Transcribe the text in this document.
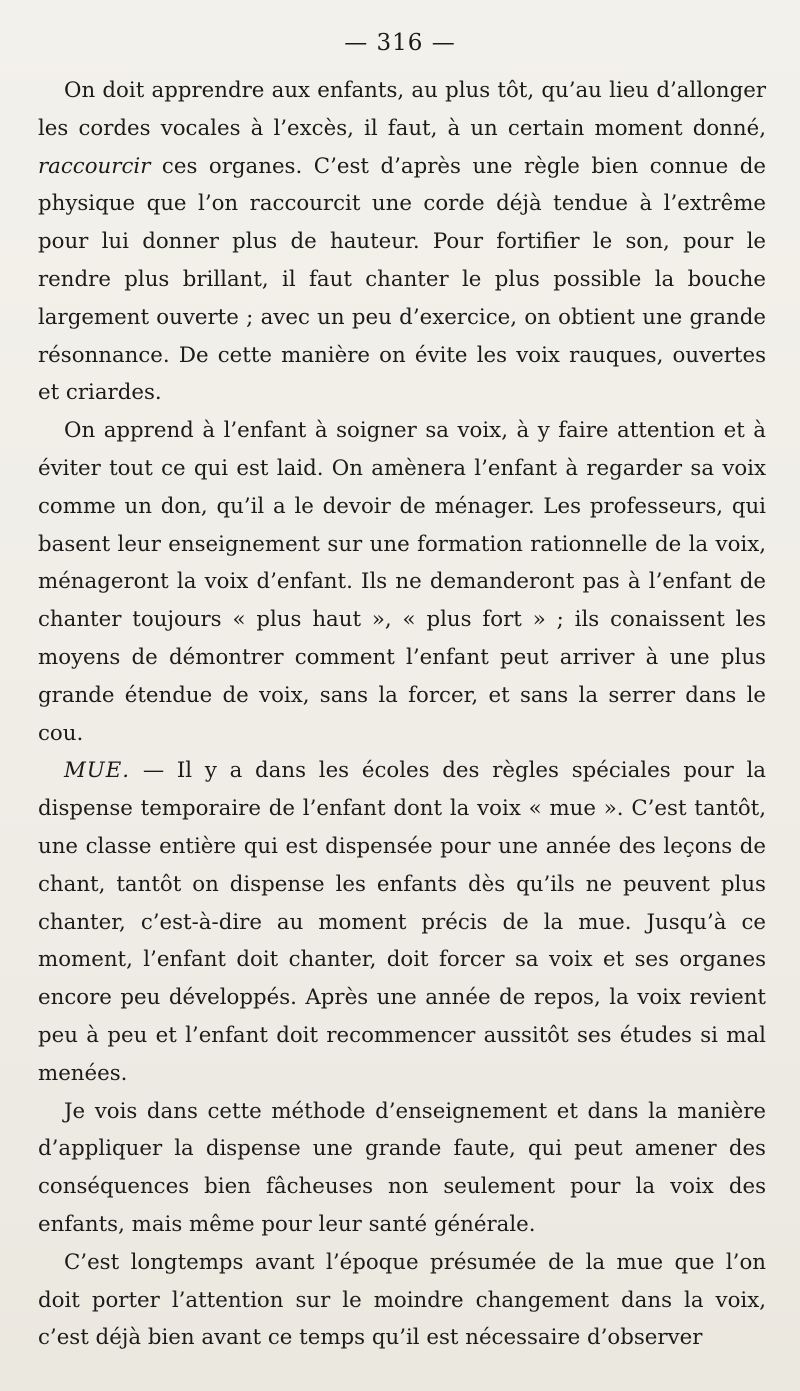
— 316 —

On doit apprendre aux enfants, au plus tôt, qu’au lieu d’allonger les cordes vocales à l’excès, il faut, à un certain moment donné, raccourcir ces organes. C’est d’après une règle bien connue de physique que l’on raccourcit une corde déjà tendue à l’extrême pour lui donner plus de hauteur. Pour fortifier le son, pour le rendre plus brillant, il faut chanter le plus possible la bouche largement ouverte ; avec un peu d’exercice, on obtient une grande résonnance. De cette manière on évite les voix rauques, ouvertes et criardes.

On apprend à l’enfant à soigner sa voix, à y faire attention et à éviter tout ce qui est laid. On amènera l’enfant à regarder sa voix comme un don, qu’il a le devoir de ménager. Les professeurs, qui basent leur enseignement sur une formation rationnelle de la voix, ménageront la voix d’enfant. Ils ne demanderont pas à l’enfant de chanter toujours « plus haut », « plus fort » ; ils conaissent les moyens de démontrer comment l’enfant peut arriver à une plus grande étendue de voix, sans la forcer, et sans la serrer dans le cou.

MUE. — Il y a dans les écoles des règles spéciales pour la dispense temporaire de l’enfant dont la voix « mue ». C’est tantôt, une classe entière qui est dispensée pour une année des leçons de chant, tantôt on dispense les enfants dès qu’ils ne peuvent plus chanter, c’est-à-dire au moment précis de la mue. Jusqu’à ce moment, l’enfant doit chanter, doit forcer sa voix et ses organes encore peu développés. Après une année de repos, la voix revient peu à peu et l’enfant doit recommencer aussitôt ses études si mal menées.

Je vois dans cette méthode d’enseignement et dans la manière d’appliquer la dispense une grande faute, qui peut amener des conséquences bien fâcheuses non seulement pour la voix des enfants, mais même pour leur santé générale.

C’est longtemps avant l’époque présumée de la mue que l’on doit porter l’attention sur le moindre changement dans la voix, c’est déjà bien avant ce temps qu’il est nécessaire d’observer
